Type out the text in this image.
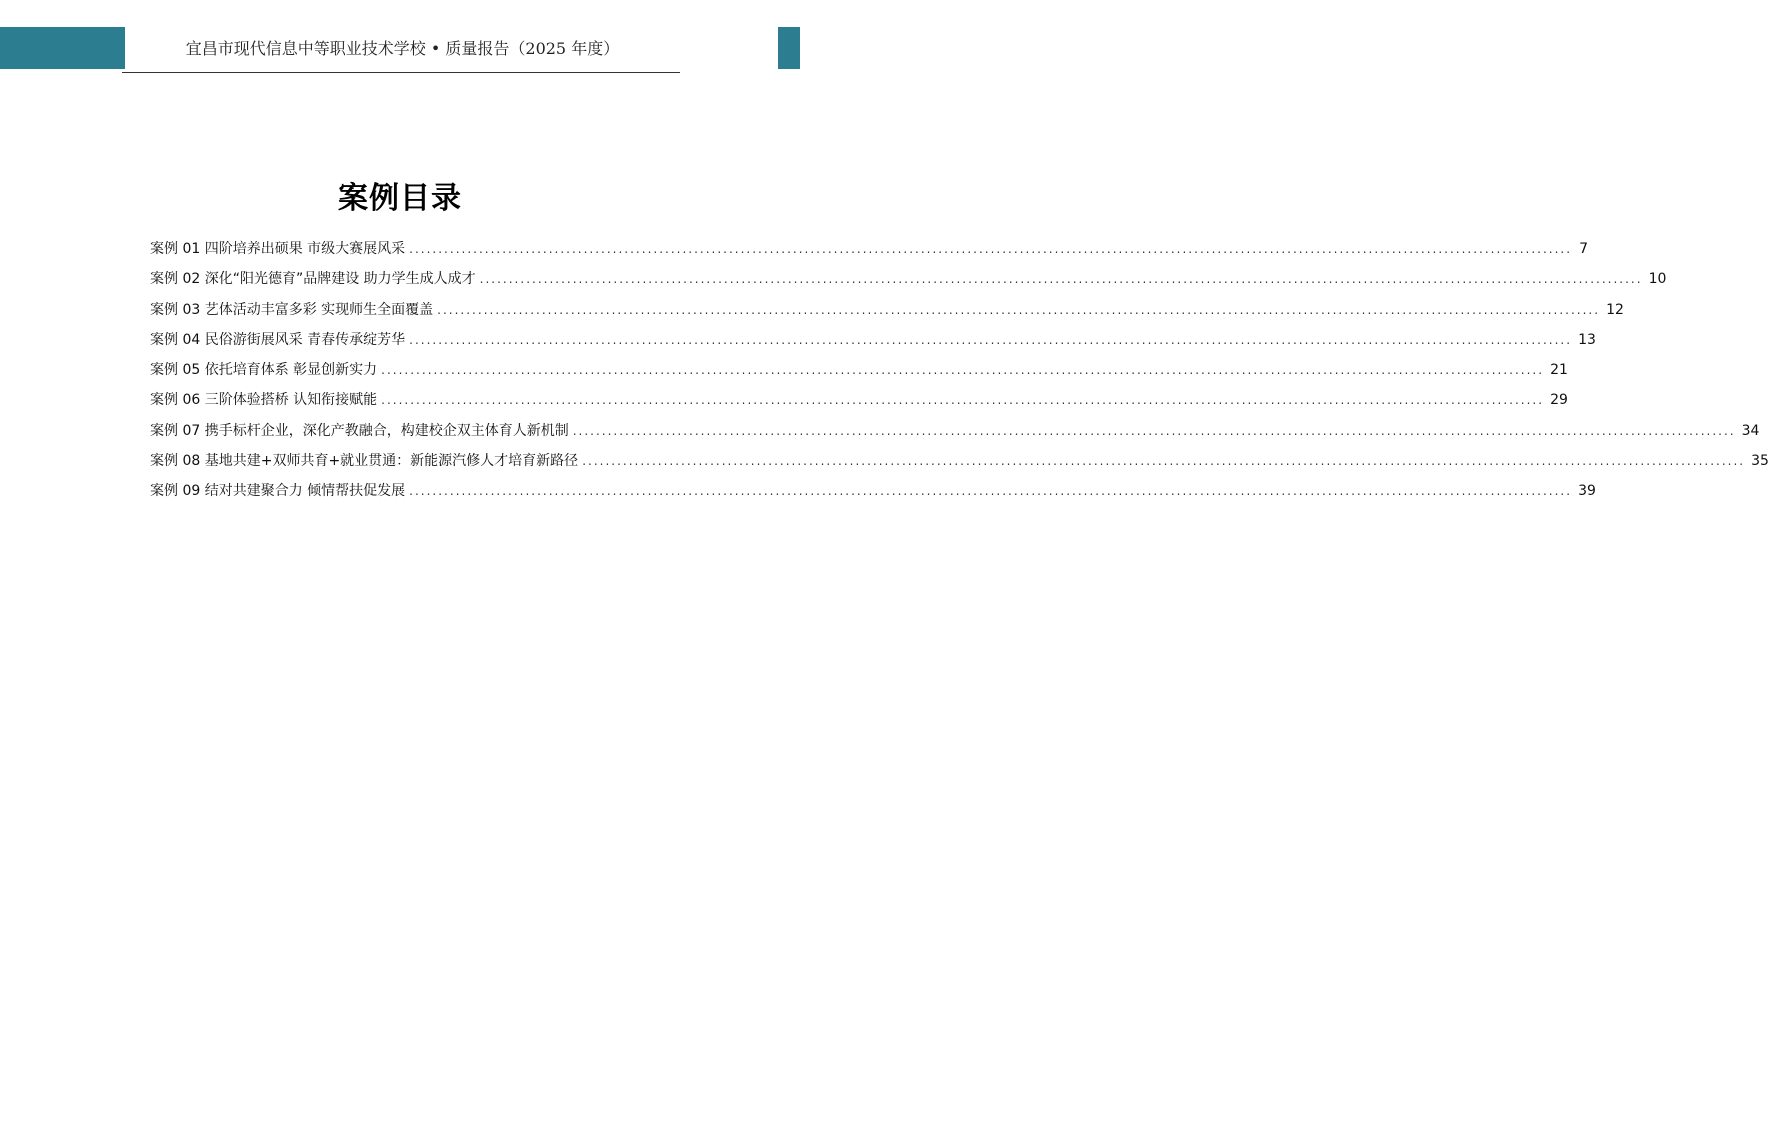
宜昌市现代信息中等职业技术学校 • 质量报告（2025 年度）
案例目录
案例 01 四阶培养出硕果 市级大赛展风采 ........................................................................................................................................................................................................ 7
案例 02 深化“阳光德育”品牌建设 助力学生成人成才 ........................................................................................................................................................................................................ 10
案例 03 艺体活动丰富多彩 实现师生全面覆盖 ........................................................................................................................................................................................................ 12
案例 04 民俗游街展风采 青春传承绽芳华 ........................................................................................................................................................................................................ 13
案例 05 依托培育体系 彰显创新实力 ........................................................................................................................................................................................................ 21
案例 06 三阶体验搭桥 认知衔接赋能 ........................................................................................................................................................................................................ 29
案例 07 携手标杆企业，深化产教融合，构建校企双主体育人新机制 ........................................................................................................................................................................................................ 34
案例 08 基地共建+双师共育+就业贯通：新能源汽修人才培育新路径 ........................................................................................................................................................................................................ 35
案例 09 结对共建聚合力 倾情帮扶促发展 ........................................................................................................................................................................................................ 39
